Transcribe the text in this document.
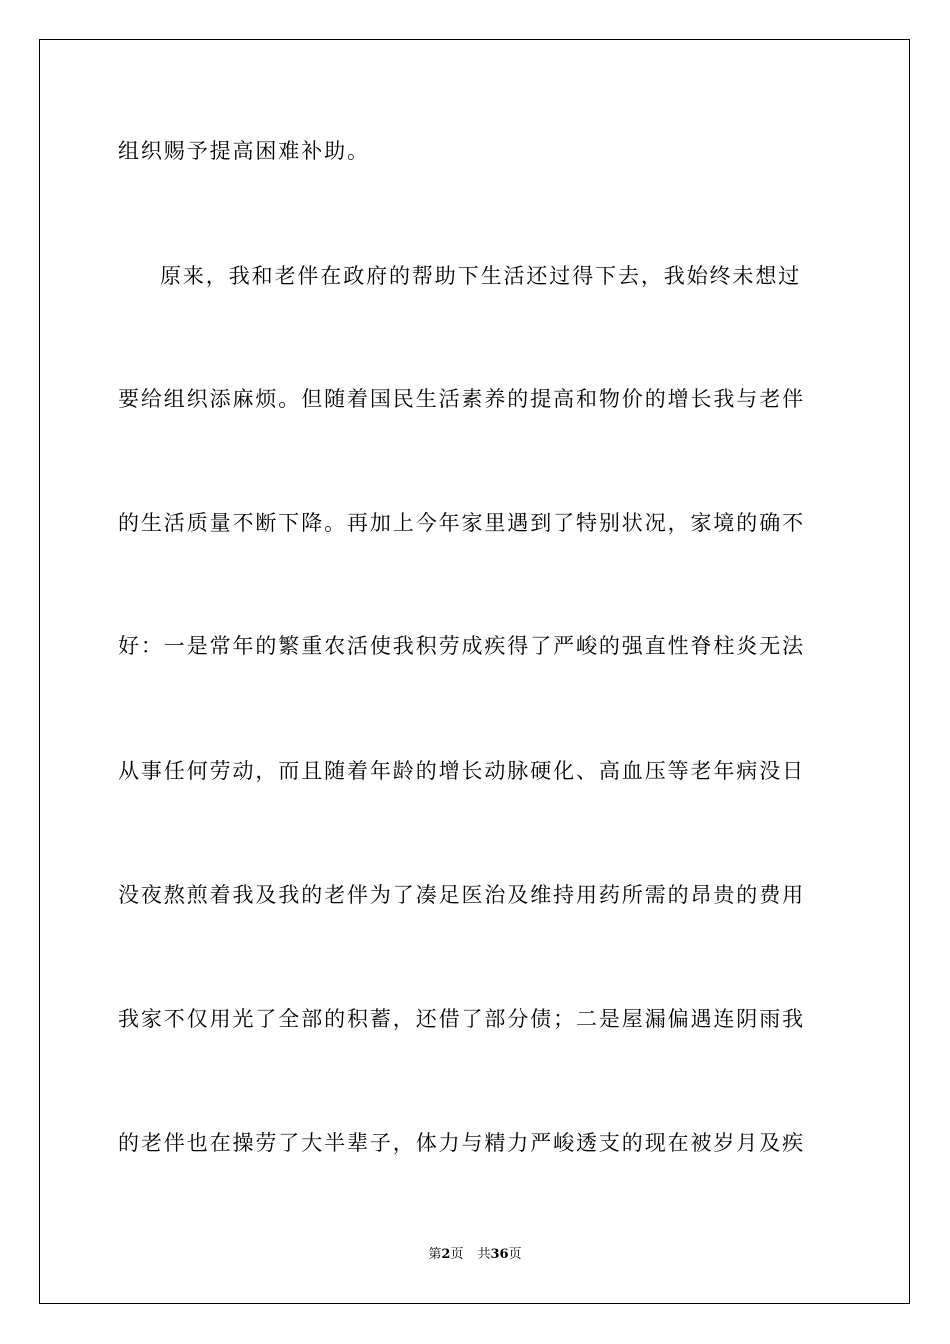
组织赐予提高困难补助。
原来，我和老伴在政府的帮助下生活还过得下去，我始终未想过
要给组织添麻烦。但随着国民生活素养的提高和物价的增长我与老伴
的生活质量不断下降。再加上今年家里遇到了特别状况，家境的确不
好：一是常年的繁重农活使我积劳成疾得了严峻的强直性脊柱炎无法
从事任何劳动，而且随着年龄的增长动脉硬化、高血压等老年病没日
没夜熬煎着我及我的老伴为了凑足医治及维持用药所需的昂贵的费用
我家不仅用光了全部的积蓄，还借了部分债；二是屋漏偏遇连阴雨我
的老伴也在操劳了大半辈子，体力与精力严峻透支的现在被岁月及疾
第2页 共36页
